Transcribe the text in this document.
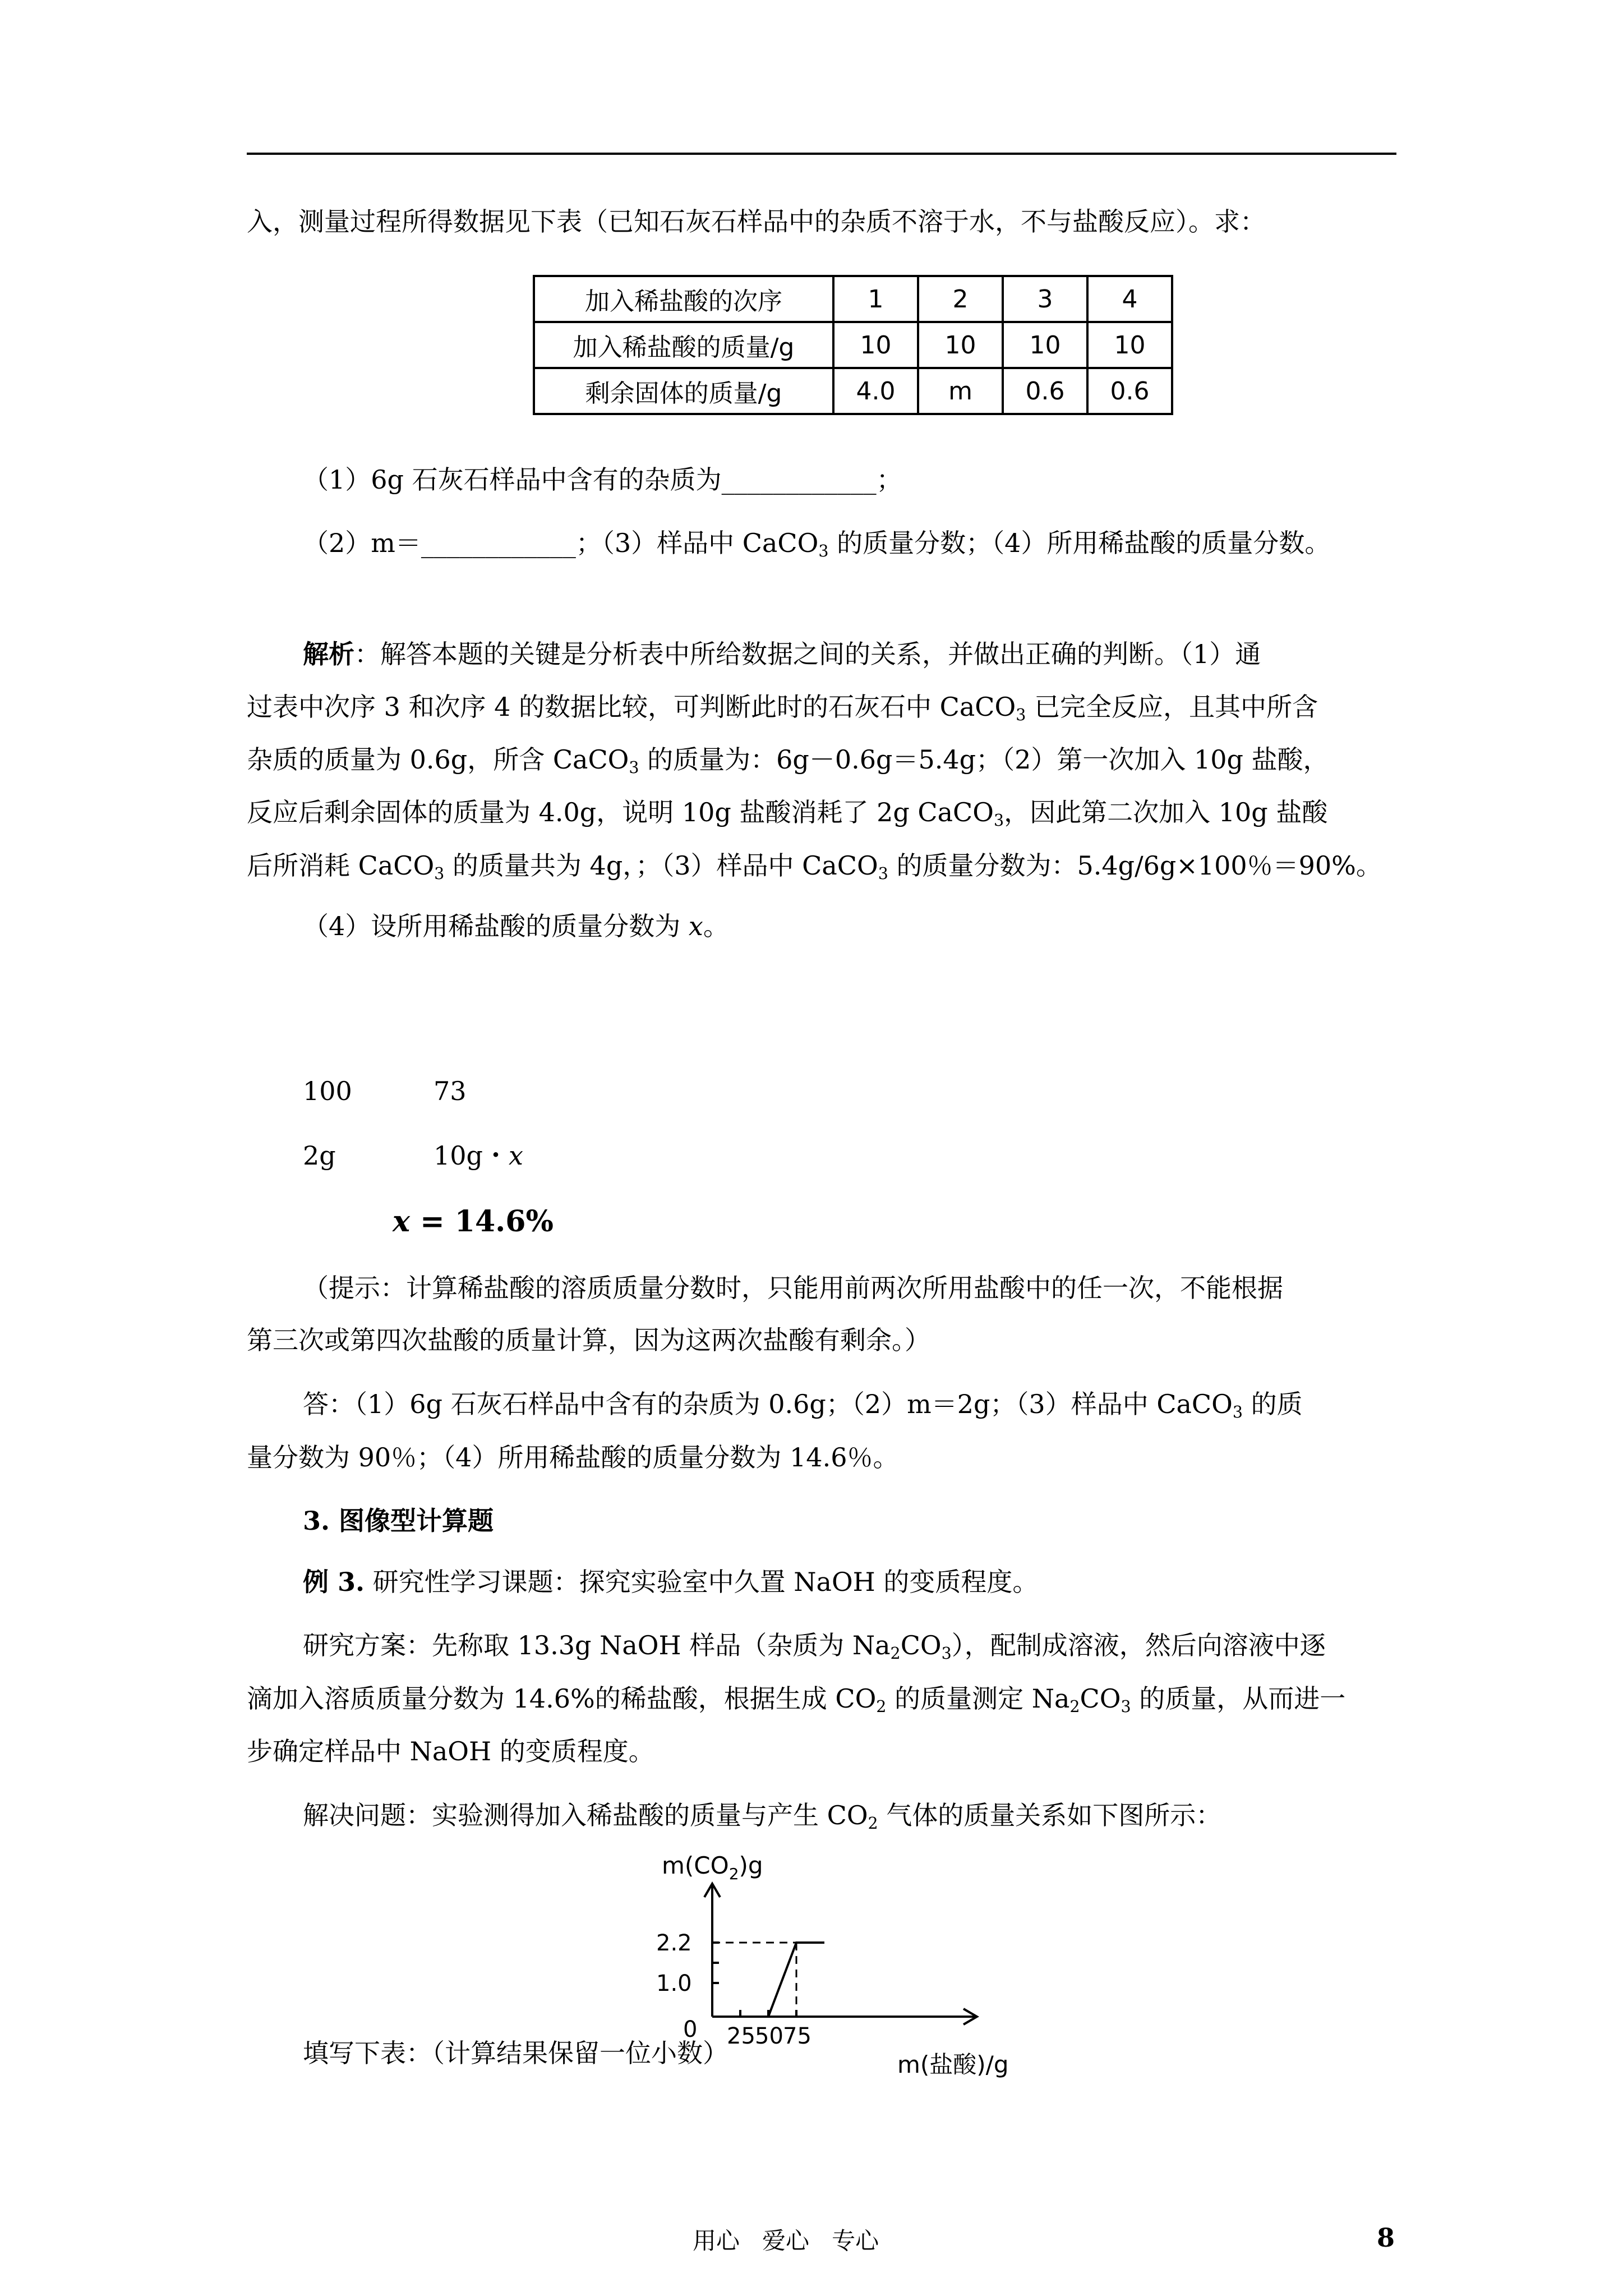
入，测量过程所得数据见下表（已知石灰石样品中的杂质不溶于水，不与盐酸反应）。求：
加入稀盐酸的次序	1	2	3	4
加入稀盐酸的质量/g	10	10	10	10
剩余固体的质量/g	4.0	m	0.6	0.6
（1）6g 石灰石样品中含有的杂质为____________；
（2）m＝____________；（3）样品中 CaCO$_3$ 的质量分数；（4）所用稀盐酸的质量分数。
解析：解答本题的关键是分析表中所给数据之间的关系，并做出正确的判断。（1）通
过表中次序 3 和次序 4 的数据比较，可判断此时的石灰石中 CaCO$_3$ 已完全反应，且其中所含
杂质的质量为 0.6g，所含 CaCO$_3$ 的质量为：6g－0.6g＝5.4g；（2）第一次加入 10g 盐酸，
反应后剩余固体的质量为 4.0g，说明 10g 盐酸消耗了 2g CaCO$_3$，因此第二次加入 10g 盐酸
后所消耗 CaCO$_3$ 的质量共为 4g，；（3）样品中 CaCO$_3$ 的质量分数为：5.4g/6g×100％＝90%。
（4）设所用稀盐酸的质量分数为 x。
100	73
2g	10g・x
x = 14.6%
（提示：计算稀盐酸的溶质质量分数时，只能用前两次所用盐酸中的任一次，不能根据
第三次或第四次盐酸的质量计算，因为这两次盐酸有剩余。）
答：（1）6g 石灰石样品中含有的杂质为 0.6g；（2）m＝2g；（3）样品中 CaCO$_3$ 的质
量分数为 90％；（4）所用稀盐酸的质量分数为 14.6％。
3. 图像型计算题
例 3. 研究性学习课题：探究实验室中久置 NaOH 的变质程度。
研究方案：先称取 13.3g NaOH 样品（杂质为 $Na_2CO_3$），配制成溶液，然后向溶液中逐
滴加入溶质质量分数为 14.6%的稀盐酸，根据生成 $CO_2$ 的质量测定 $Na_2CO_3$ 的质量，从而进一
步确定样品中 NaOH 的变质程度。
解决问题：实验测得加入稀盐酸的质量与产生 $CO_2$ 气体的质量关系如下图所示：
$m(CO_2)g$
1.0
2.2
0 25 50 75
m(盐酸)/g
填写下表：（计算结果保留一位小数）
用心   爱心   专心	8
